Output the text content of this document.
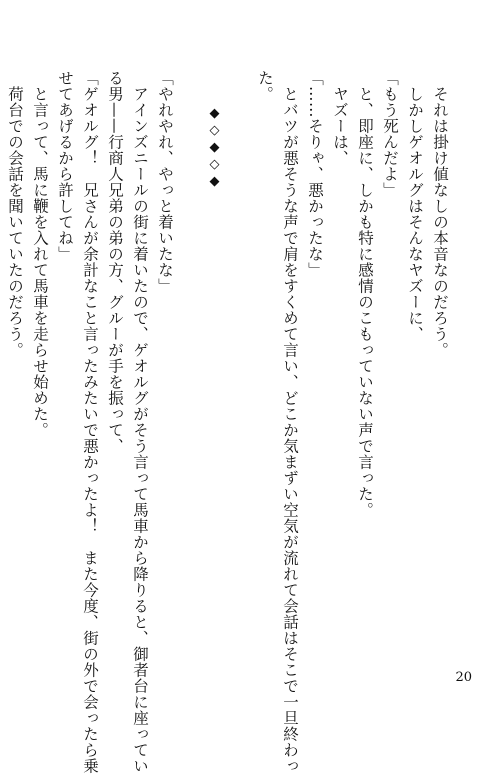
　それは掛け値なしの本音なのだろう。
　しかしゲオルグはそんなヤズーに、
「もう死んだよ」
　と、即座に、しかも特に感情のこもっていない声で言った。
　ヤズーは、
「……そりゃ、悪かったな」
　とバツが悪そうな声で肩をすくめて言い、どこか気まずい空気が流れて会話はそこで一旦終わっ
た。
◆◇◆◇◆
「やれやれ、やっと着いたな」
　アインズニールの街に着いたので、ゲオルグがそう言って馬車から降りると、御者台に座ってい
る男——行商人兄弟の弟の方、グルーが手を振って、
「ゲオルグ！　兄さんが余計なこと言ったみたいで悪かったよ！　また今度、街の外で会ったら乗
せてあげるから許してね」
　と言って、馬に鞭を入れて馬車を走らせ始めた。
　荷台での会話を聞いていたのだろう。
20
